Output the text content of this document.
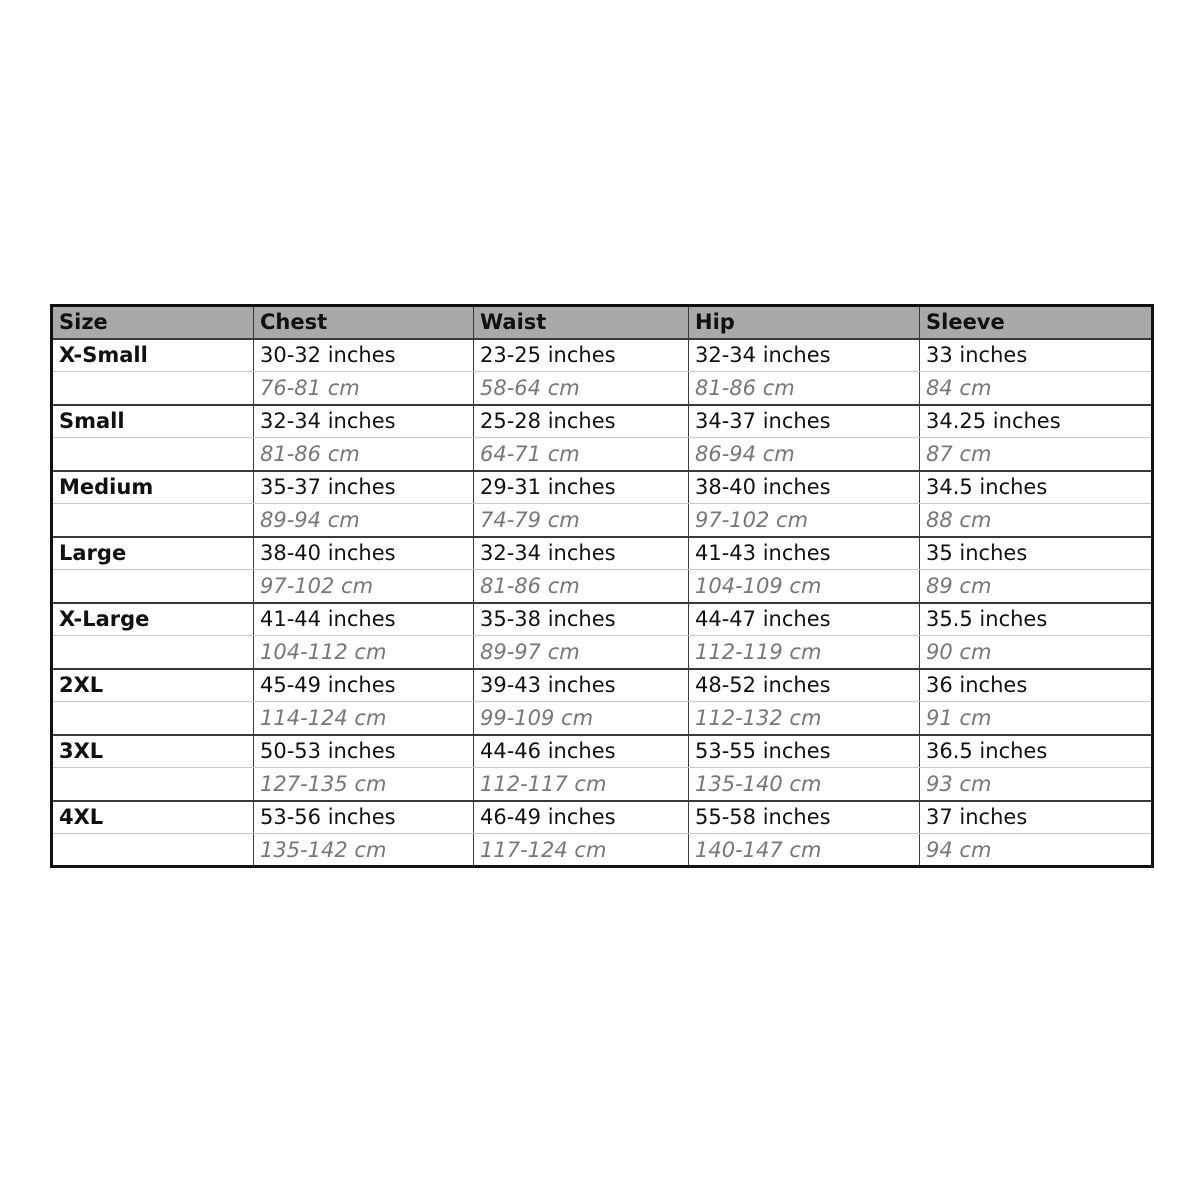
Size	Chest	Waist	Hip	Sleeve
X-Small	30-32 inches	23-25 inches	32-34 inches	33 inches
	76-81 cm	58-64 cm	81-86 cm	84 cm
Small	32-34 inches	25-28 inches	34-37 inches	34.25 inches
	81-86 cm	64-71 cm	86-94 cm	87 cm
Medium	35-37 inches	29-31 inches	38-40 inches	34.5 inches
	89-94 cm	74-79 cm	97-102 cm	88 cm
Large	38-40 inches	32-34 inches	41-43 inches	35 inches
	97-102 cm	81-86 cm	104-109 cm	89 cm
X-Large	41-44 inches	35-38 inches	44-47 inches	35.5 inches
	104-112 cm	89-97 cm	112-119 cm	90 cm
2XL	45-49 inches	39-43 inches	48-52 inches	36 inches
	114-124 cm	99-109 cm	112-132 cm	91 cm
3XL	50-53 inches	44-46 inches	53-55 inches	36.5 inches
	127-135 cm	112-117 cm	135-140 cm	93 cm
4XL	53-56 inches	46-49 inches	55-58 inches	37 inches
	135-142 cm	117-124 cm	140-147 cm	94 cm
